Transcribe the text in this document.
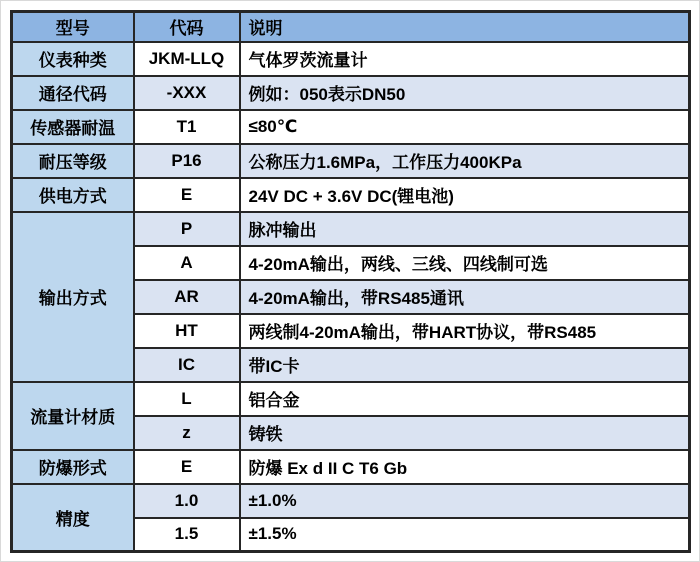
型号	代码	说明
仪表种类	JKM-LLQ	气体罗茨流量计
通径代码	-XXX	例如：050表示DN50
传感器耐温	T1	≤80℃
耐压等级	P16	公称压力1.6MPa，工作压力400KPa
供电方式	E	24V DC + 3.6V DC(锂电池)
输出方式	P	脉冲输出
	A	4-20mA输出，两线、三线、四线制可选
	AR	4-20mA输出，带RS485通讯
	HT	两线制4-20mA输出，带HART协议，带RS485
	IC	带IC卡
流量计材质	L	铝合金
	z	铸铁
防爆形式	E	防爆 Ex d II C T6 Gb
精度	1.0	±1.0%
	1.5	±1.5%
